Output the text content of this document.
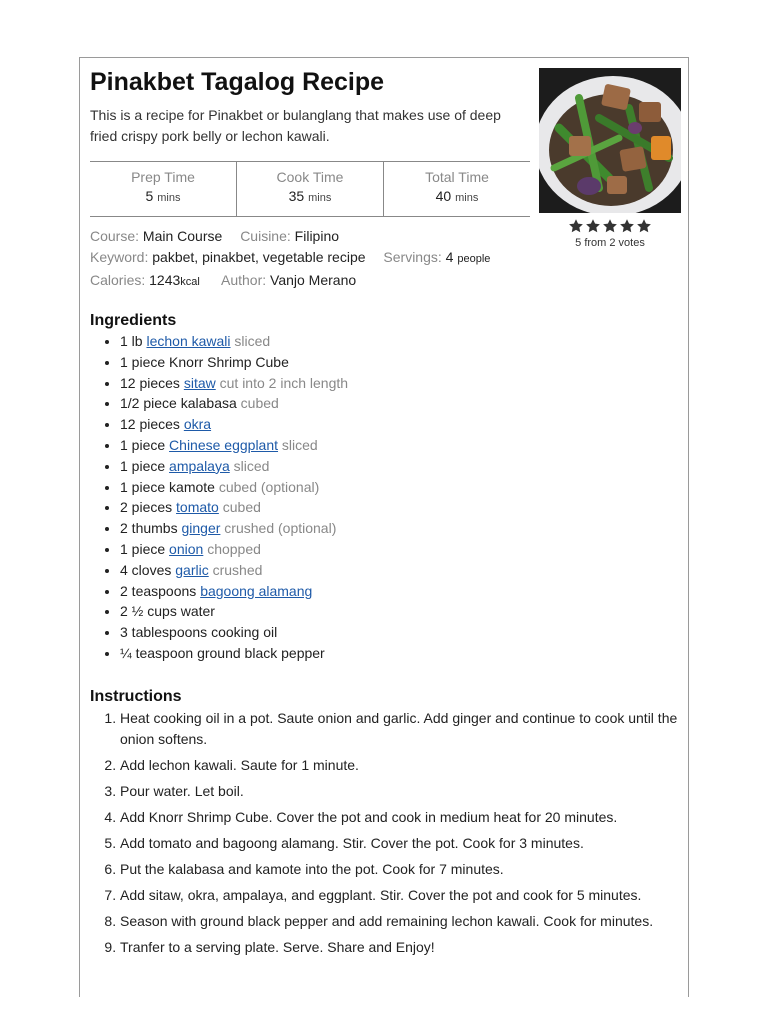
Pinakbet Tagalog Recipe

This is a recipe for Pinakbet or bulanglang that makes use of deep fried crispy pork belly or lechon kawali.

Prep Time
5 mins
Cook Time
35 mins
Total Time
40 mins
5 from 2 votes
Course: Main Course Cuisine: Filipino
Keyword: pakbet, pinakbet, vegetable recipe Servings: 4 people
Calories: 1243kcal Author: Vanjo Merano
Ingredients
• 1 lb lechon kawali sliced
• 1 piece Knorr Shrimp Cube
• 12 pieces sitaw cut into 2 inch length
• 1/2 piece kalabasa cubed
• 12 pieces okra
• 1 piece Chinese eggplant sliced
• 1 piece ampalaya sliced
• 1 piece kamote cubed (optional)
• 2 pieces tomato cubed
• 2 thumbs ginger crushed (optional)
• 1 piece onion chopped
• 4 cloves garlic crushed
• 2 teaspoons bagoong alamang
• 2 ½ cups water
• 3 tablespoons cooking oil
• ¼ teaspoon ground black pepper
Instructions
1. Heat cooking oil in a pot. Saute onion and garlic. Add ginger and continue to cook until the onion softens.
2. Add lechon kawali. Saute for 1 minute.
3. Pour water. Let boil.
4. Add Knorr Shrimp Cube. Cover the pot and cook in medium heat for 20 minutes.
5. Add tomato and bagoong alamang. Stir. Cover the pot. Cook for 3 minutes.
6. Put the kalabasa and kamote into the pot. Cook for 7 minutes.
7. Add sitaw, okra, ampalaya, and eggplant. Stir. Cover the pot and cook for 5 minutes.
8. Season with ground black pepper and add remaining lechon kawali. Cook for minutes.
9. Tranfer to a serving plate. Serve. Share and Enjoy!
